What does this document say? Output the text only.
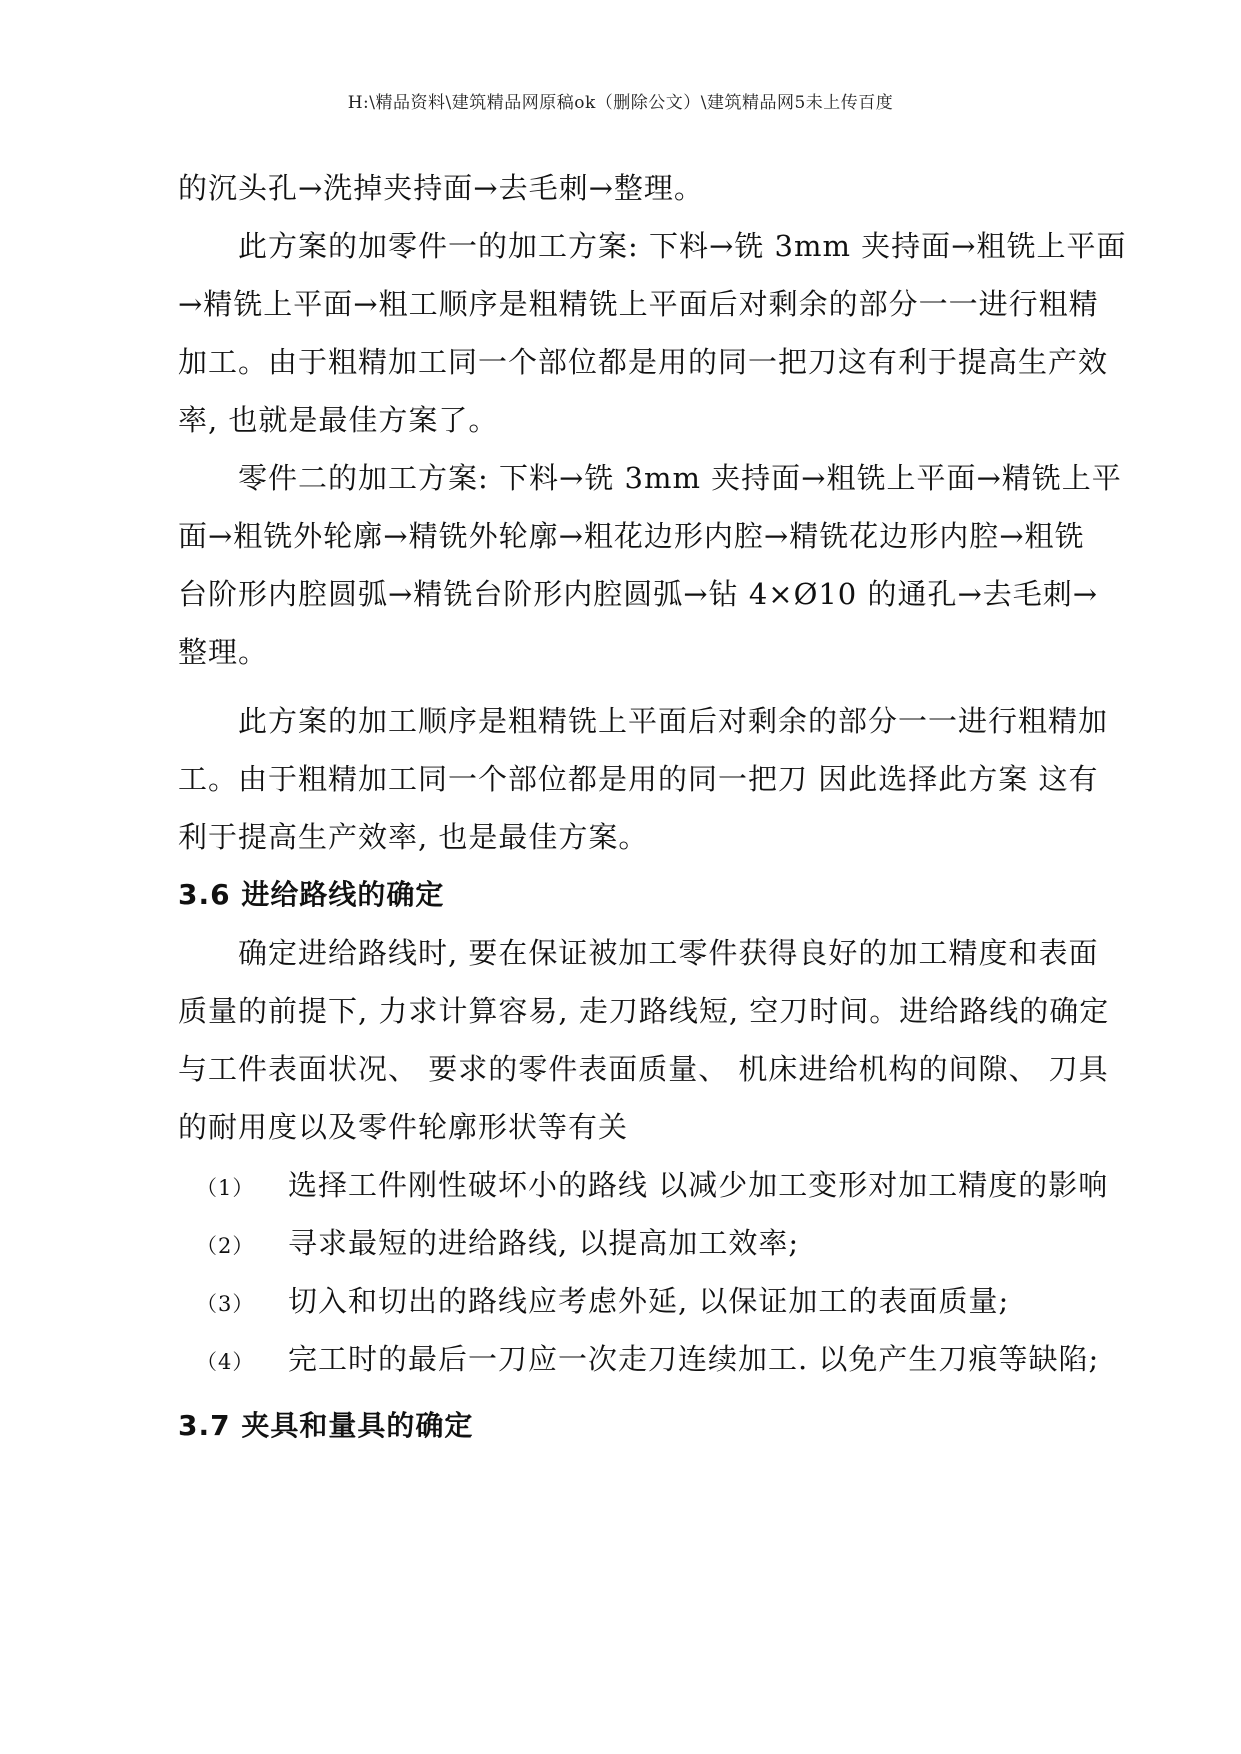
H:\精品资料\建筑精品网原稿ok（删除公文）\建筑精品网5未上传百度
的沉头孔→洗掉夹持面→去毛刺→整理。
此方案的加零件一的加工方案: 下料→铣 3mm 夹持面→粗铣上平面
→精铣上平面→粗工顺序是粗精铣上平面后对剩余的部分一一进行粗精
加工。由于粗精加工同一个部位都是用的同一把刀这有利于提高生产效
率, 也就是最佳方案了。
零件二的加工方案: 下料→铣 3mm 夹持面→粗铣上平面→精铣上平
面→粗铣外轮廓→精铣外轮廓→粗花边形内腔→精铣花边形内腔→粗铣
台阶形内腔圆弧→精铣台阶形内腔圆弧→钻 4×Ø10 的通孔→去毛刺→
整理。
此方案的加工顺序是粗精铣上平面后对剩余的部分一一进行粗精加
工。由于粗精加工同一个部位都是用的同一把刀 因此选择此方案 这有
利于提高生产效率, 也是最佳方案。
3.6 进给路线的确定
确定进给路线时, 要在保证被加工零件获得良好的加工精度和表面
质量的前提下, 力求计算容易, 走刀路线短, 空刀时间。进给路线的确定
与工件表面状况、 要求的零件表面质量、 机床进给机构的间隙、 刀具
的耐用度以及零件轮廓形状等有关
（1） 选择工件刚性破坏小的路线 以减少加工变形对加工精度的影响
（2） 寻求最短的进给路线, 以提高加工效率;
（3） 切入和切出的路线应考虑外延, 以保证加工的表面质量;
（4） 完工时的最后一刀应一次走刀连续加工. 以免产生刀痕等缺陷;
3.7 夹具和量具的确定
